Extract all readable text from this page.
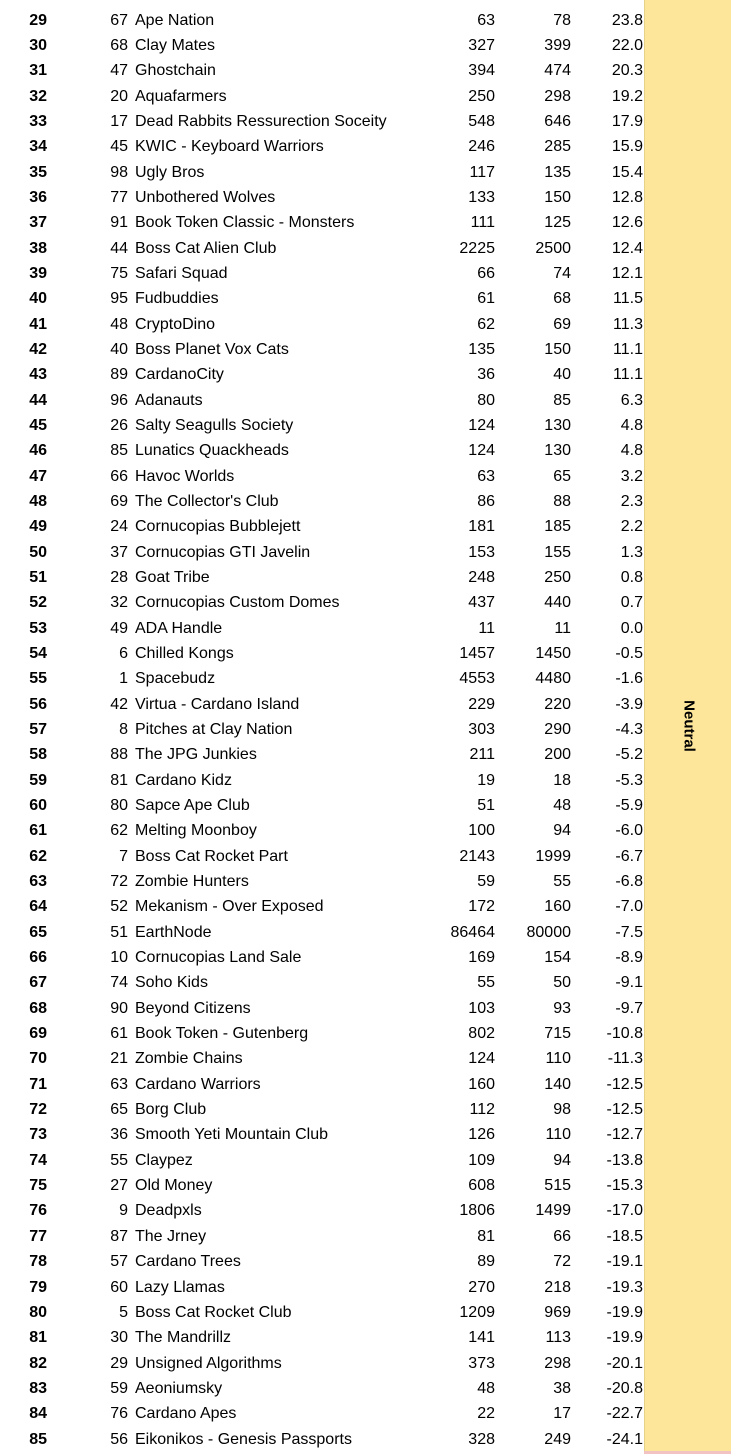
29	67 Ape Nation	63	78	23.8
30	68 Clay Mates	327	399	22.0
31	47 Ghostchain	394	474	20.3
32	20 Aquafarmers	250	298	19.2
33	17 Dead Rabbits Ressurection Soceity	548	646	17.9
34	45 KWIC - Keyboard Warriors	246	285	15.9
35	98 Ugly Bros	117	135	15.4
36	77 Unbothered Wolves	133	150	12.8
37	91 Book Token Classic - Monsters	111	125	12.6
38	44 Boss Cat Alien Club	2225	2500	12.4
39	75 Safari Squad	66	74	12.1
40	95 Fudbuddies	61	68	11.5
41	48 CryptoDino	62	69	11.3
42	40 Boss Planet Vox Cats	135	150	11.1
43	89 CardanoCity	36	40	11.1
44	96 Adanauts	80	85	6.3
45	26 Salty Seagulls Society	124	130	4.8
46	85 Lunatics Quackheads	124	130	4.8
47	66 Havoc Worlds	63	65	3.2
48	69 The Collector's Club	86	88	2.3
49	24 Cornucopias Bubblejett	181	185	2.2
50	37 Cornucopias GTI Javelin	153	155	1.3
51	28 Goat Tribe	248	250	0.8
52	32 Cornucopias Custom Domes	437	440	0.7
53	49 ADA Handle	11	11	0.0
54	6 Chilled Kongs	1457	1450	-0.5
55	1 Spacebudz	4553	4480	-1.6
56	42 Virtua - Cardano Island	229	220	-3.9
57	8 Pitches at Clay Nation	303	290	-4.3
58	88 The JPG Junkies	211	200	-5.2
59	81 Cardano Kidz	19	18	-5.3
60	80 Sapce Ape Club	51	48	-5.9
61	62 Melting Moonboy	100	94	-6.0
62	7 Boss Cat Rocket Part	2143	1999	-6.7
63	72 Zombie Hunters	59	55	-6.8
64	52 Mekanism - Over Exposed	172	160	-7.0
65	51 EarthNode	86464	80000	-7.5
66	10 Cornucopias Land Sale	169	154	-8.9
67	74 Soho Kids	55	50	-9.1
68	90 Beyond Citizens	103	93	-9.7
69	61 Book Token - Gutenberg	802	715	-10.8
70	21 Zombie Chains	124	110	-11.3
71	63 Cardano Warriors	160	140	-12.5
72	65 Borg Club	112	98	-12.5
73	36 Smooth Yeti Mountain Club	126	110	-12.7
74	55 Claypez	109	94	-13.8
75	27 Old Money	608	515	-15.3
76	9 Deadpxls	1806	1499	-17.0
77	87 The Jrney	81	66	-18.5
78	57 Cardano Trees	89	72	-19.1
79	60 Lazy Llamas	270	218	-19.3
80	5 Boss Cat Rocket Club	1209	969	-19.9
81	30 The Mandrillz	141	113	-19.9
82	29 Unsigned Algorithms	373	298	-20.1
83	59 Aeoniumsky	48	38	-20.8
84	76 Cardano Apes	22	17	-22.7
85	56 Eikonikos - Genesis Passports	328	249	-24.1
Neutral
